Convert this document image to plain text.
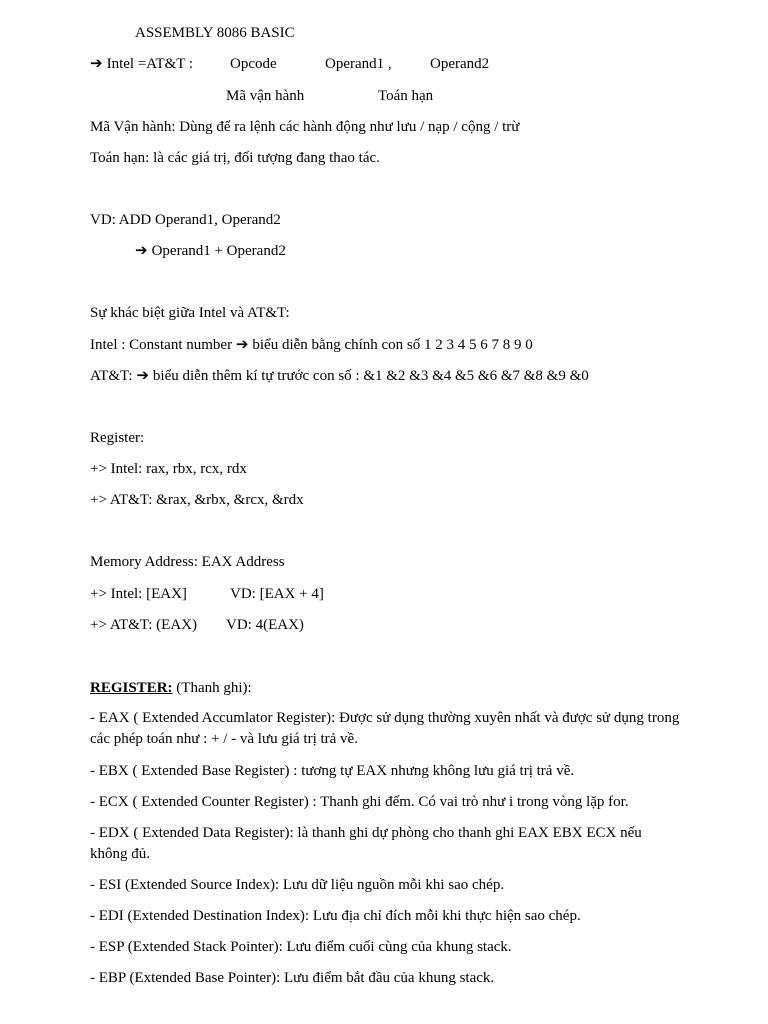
ASSEMBLY 8086 BASIC
➔ Intel =AT&T : Opcode	Operand1 ,	Operand2
Mã vận hành	Toán hạn
Mã Vận hành: Dùng để ra lệnh các hành động như lưu / nạp / cộng / trừ
Toán hạn: là các giá trị, đối tượng đang thao tác.
VD: ADD Operand1, Operand2
➔ Operand1 + Operand2
Sự khác biệt giữa Intel và AT&T:
Intel : Constant number ➔ biểu diễn bằng chính con số 1 2 3 4 5 6 7 8 9 0
AT&T: ➔ biểu diễn thêm kí tự trước con số : &1 &2 &3 &4 &5 &6 &7 &8 &9 &0
Register:
+> Intel: rax, rbx, rcx, rdx
+> AT&T: &rax, &rbx, &rcx, &rdx
Memory Address: EAX Address
+> Intel: [EAX]	VD: [EAX + 4]
+> AT&T: (EAX) VD: 4(EAX)
REGISTER: (Thanh ghi):
- EAX ( Extended Accumlator Register): Được sử dụng thường xuyên nhất và được sử dụng trong các phép toán như : + / - và lưu giá trị trả về.
- EBX ( Extended Base Register) : tương tự EAX nhưng không lưu giá trị trả về.
- ECX ( Extended Counter Register) : Thanh ghi đếm. Có vai trò như i trong vòng lặp for.
- EDX ( Extended Data Register): là thanh ghi dự phòng cho thanh ghi EAX EBX ECX nếu không đủ.
- ESI (Extended Source Index): Lưu dữ liệu nguồn mỗi khi sao chép.
- EDI (Extended Destination Index): Lưu địa chỉ đích mỗi khi thực hiện sao chép.
- ESP (Extended Stack Pointer): Lưu điểm cuối cùng của khung stack.
- EBP (Extended Base Pointer): Lưu điểm bắt đầu của khung stack.
